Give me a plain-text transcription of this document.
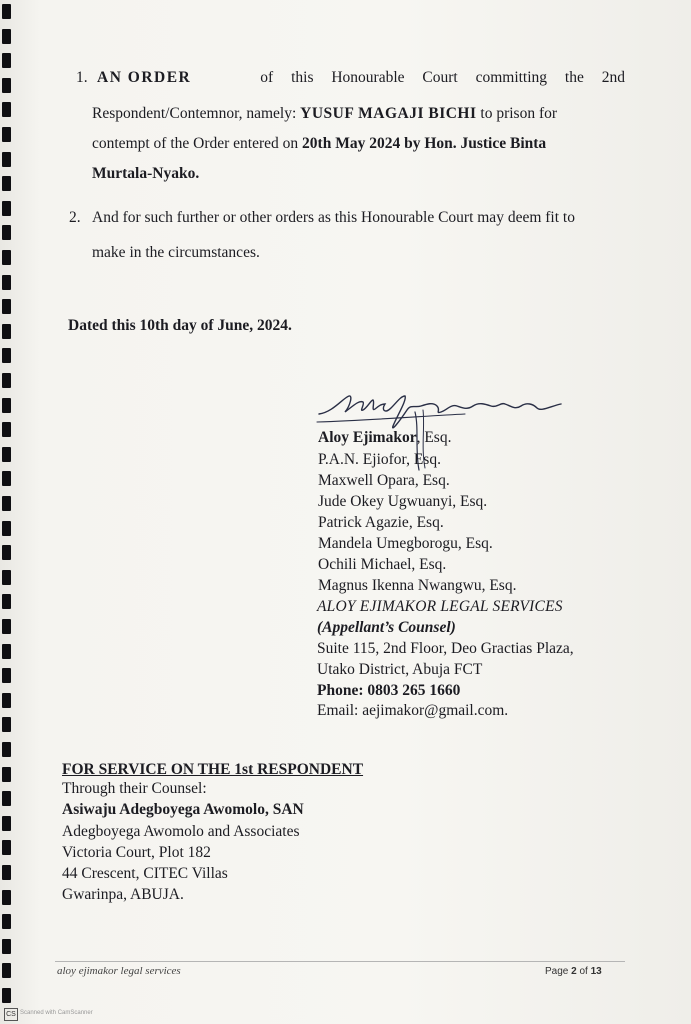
1. AN ORDER	of this Honourable Court committing the 2nd
Respondent/Contemnor, namely: YUSUF MAGAJI BICHI to prison for
contempt of the Order entered on 20th May 2024 by Hon. Justice Binta
Murtala-Nyako.
2. And for such further or other orders as this Honourable Court may deem fit to
make in the circumstances.
Dated this 10th day of June, 2024.
Aloy Ejimakor, Esq.
P.A.N. Ejiofor, Esq.
Maxwell Opara, Esq.
Jude Okey Ugwuanyi, Esq.
Patrick Agazie, Esq.
Mandela Umegborogu, Esq.
Ochili Michael, Esq.
Magnus Ikenna Nwangwu, Esq.
ALOY EJIMAKOR LEGAL SERVICES
(Appellant’s Counsel)
Suite 115, 2nd Floor, Deo Gractias Plaza,
Utako District, Abuja FCT
Phone: 0803 265 1660
Email: aejimakor@gmail.com.
FOR SERVICE ON THE 1st RESPONDENT
Through their Counsel:
Asiwaju Adegboyega Awomolo, SAN
Adegboyega Awomolo and Associates
Victoria Court, Plot 182
44 Crescent, CITEC Villas
Gwarinpa, ABUJA.
aloy ejimakor legal services	Page 2 of 13
CS Scanned with CamScanner
